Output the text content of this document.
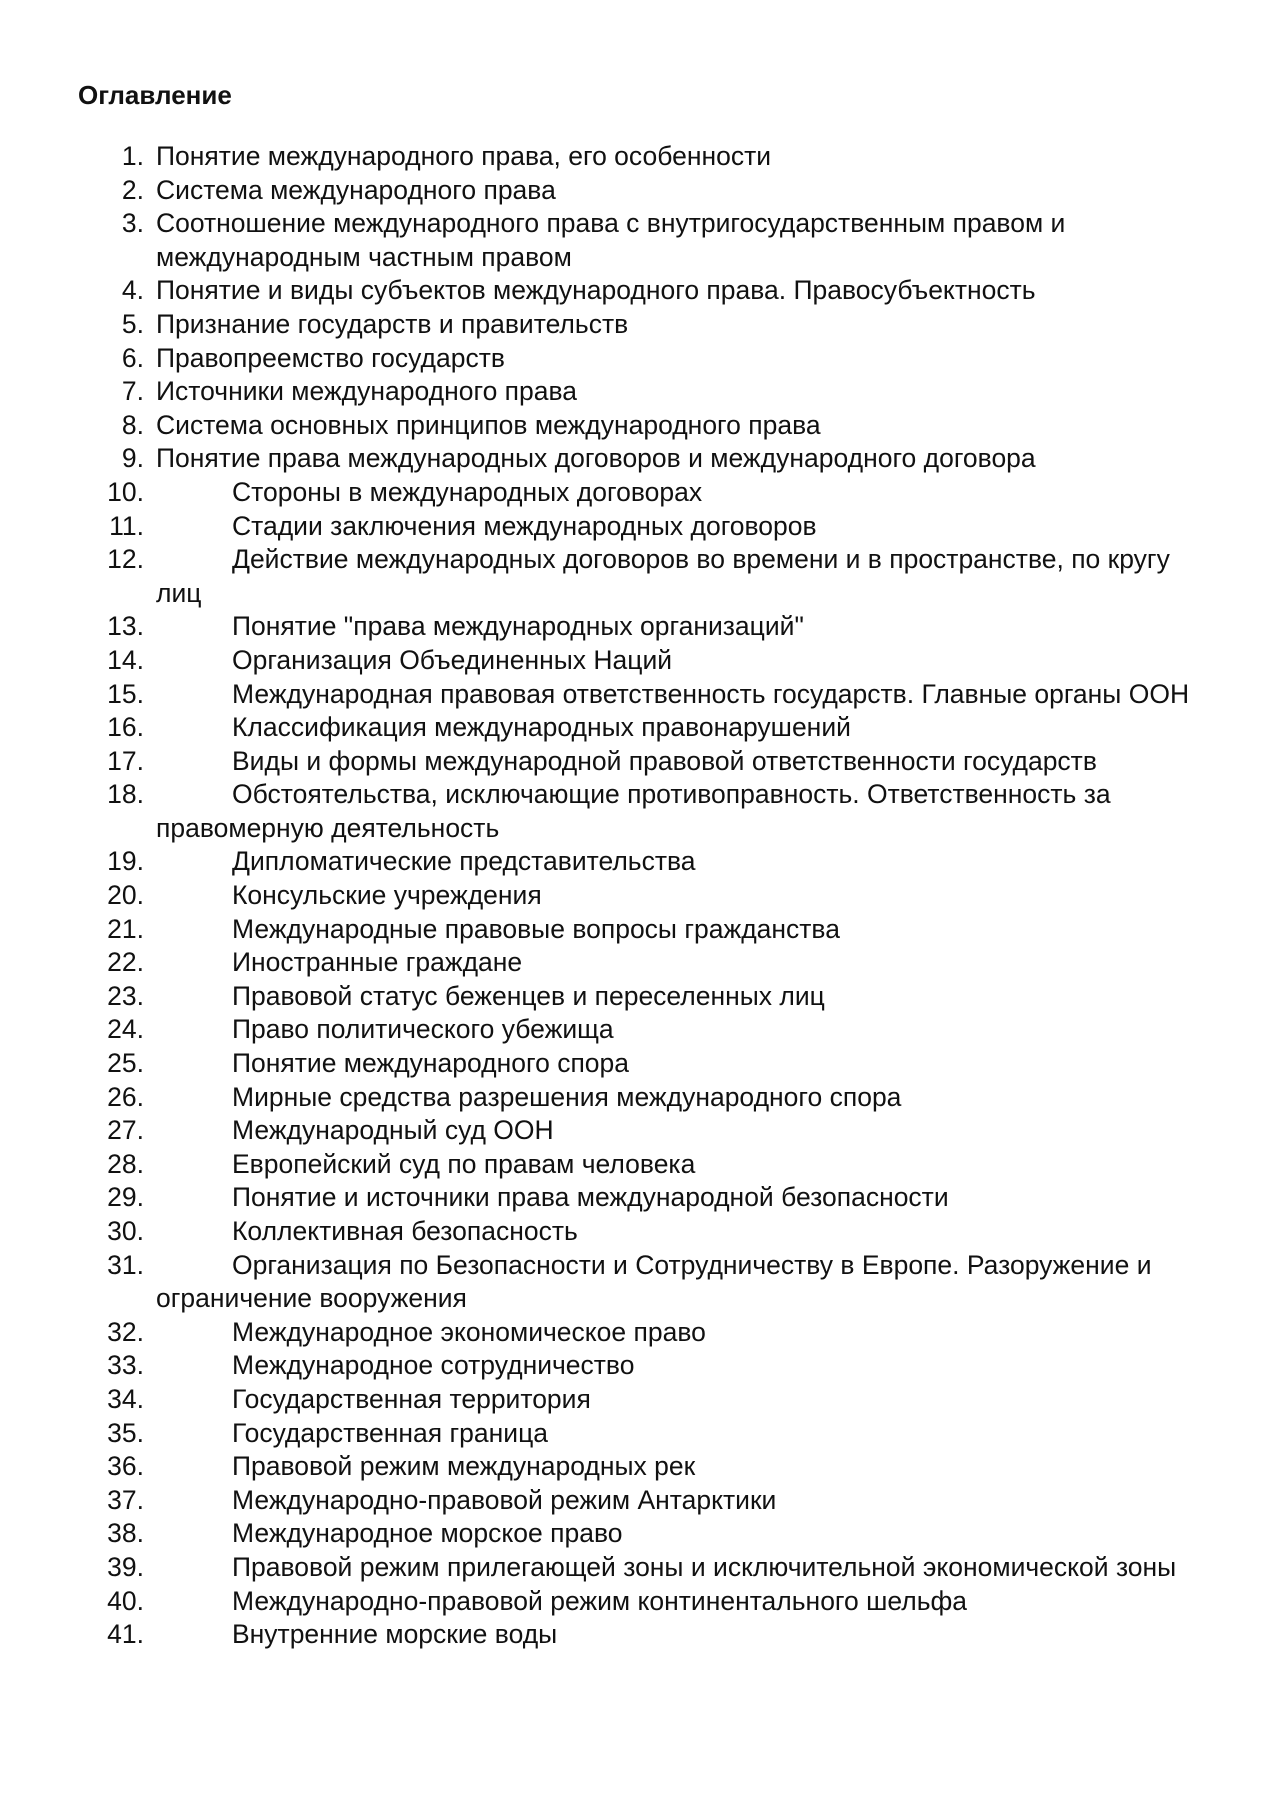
Оглавление
1. Понятие международного права, его особенности
2. Система международного права
3. Соотношение международного права с внутригосударственным правом и международным частным правом
4. Понятие и виды субъектов международного права. Правосубъектность
5. Признание государств и правительств
6. Правопреемство государств
7. Источники международного права
8. Система основных принципов международного права
9. Понятие права международных договоров и международного договора
10.	Стороны в международных договорах
11.	Стадии заключения международных договоров
12.	Действие международных договоров во времени и в пространстве, по кругу лиц
13.	Понятие "права международных организаций"
14.	Организация Объединенных Наций
15.	Международная правовая ответственность государств. Главные органы ООН
16.	Классификация международных правонарушений
17.	Виды и формы международной правовой ответственности государств
18.	Обстоятельства, исключающие противоправность. Ответственность за правомерную деятельность
19.	Дипломатические представительства
20.	Консульские учреждения
21.	Международные правовые вопросы гражданства
22.	Иностранные граждане
23.	Правовой статус беженцев и переселенных лиц
24.	Право политического убежища
25.	Понятие международного спора
26.	Мирные средства разрешения международного спора
27.	Международный суд ООН
28.	Европейский суд по правам человека
29.	Понятие и источники права международной безопасности
30.	Коллективная безопасность
31.	Организация по Безопасности и Сотрудничеству в Европе. Разоружение и ограничение вооружения
32.	Международное экономическое право
33.	Международное сотрудничество
34.	Государственная территория
35.	Государственная граница
36.	Правовой режим международных рек
37.	Международно-правовой режим Антарктики
38.	Международное морское право
39.	Правовой режим прилегающей зоны и исключительной экономической зоны
40.	Международно-правовой режим континентального шельфа
41.	Внутренние морские воды
